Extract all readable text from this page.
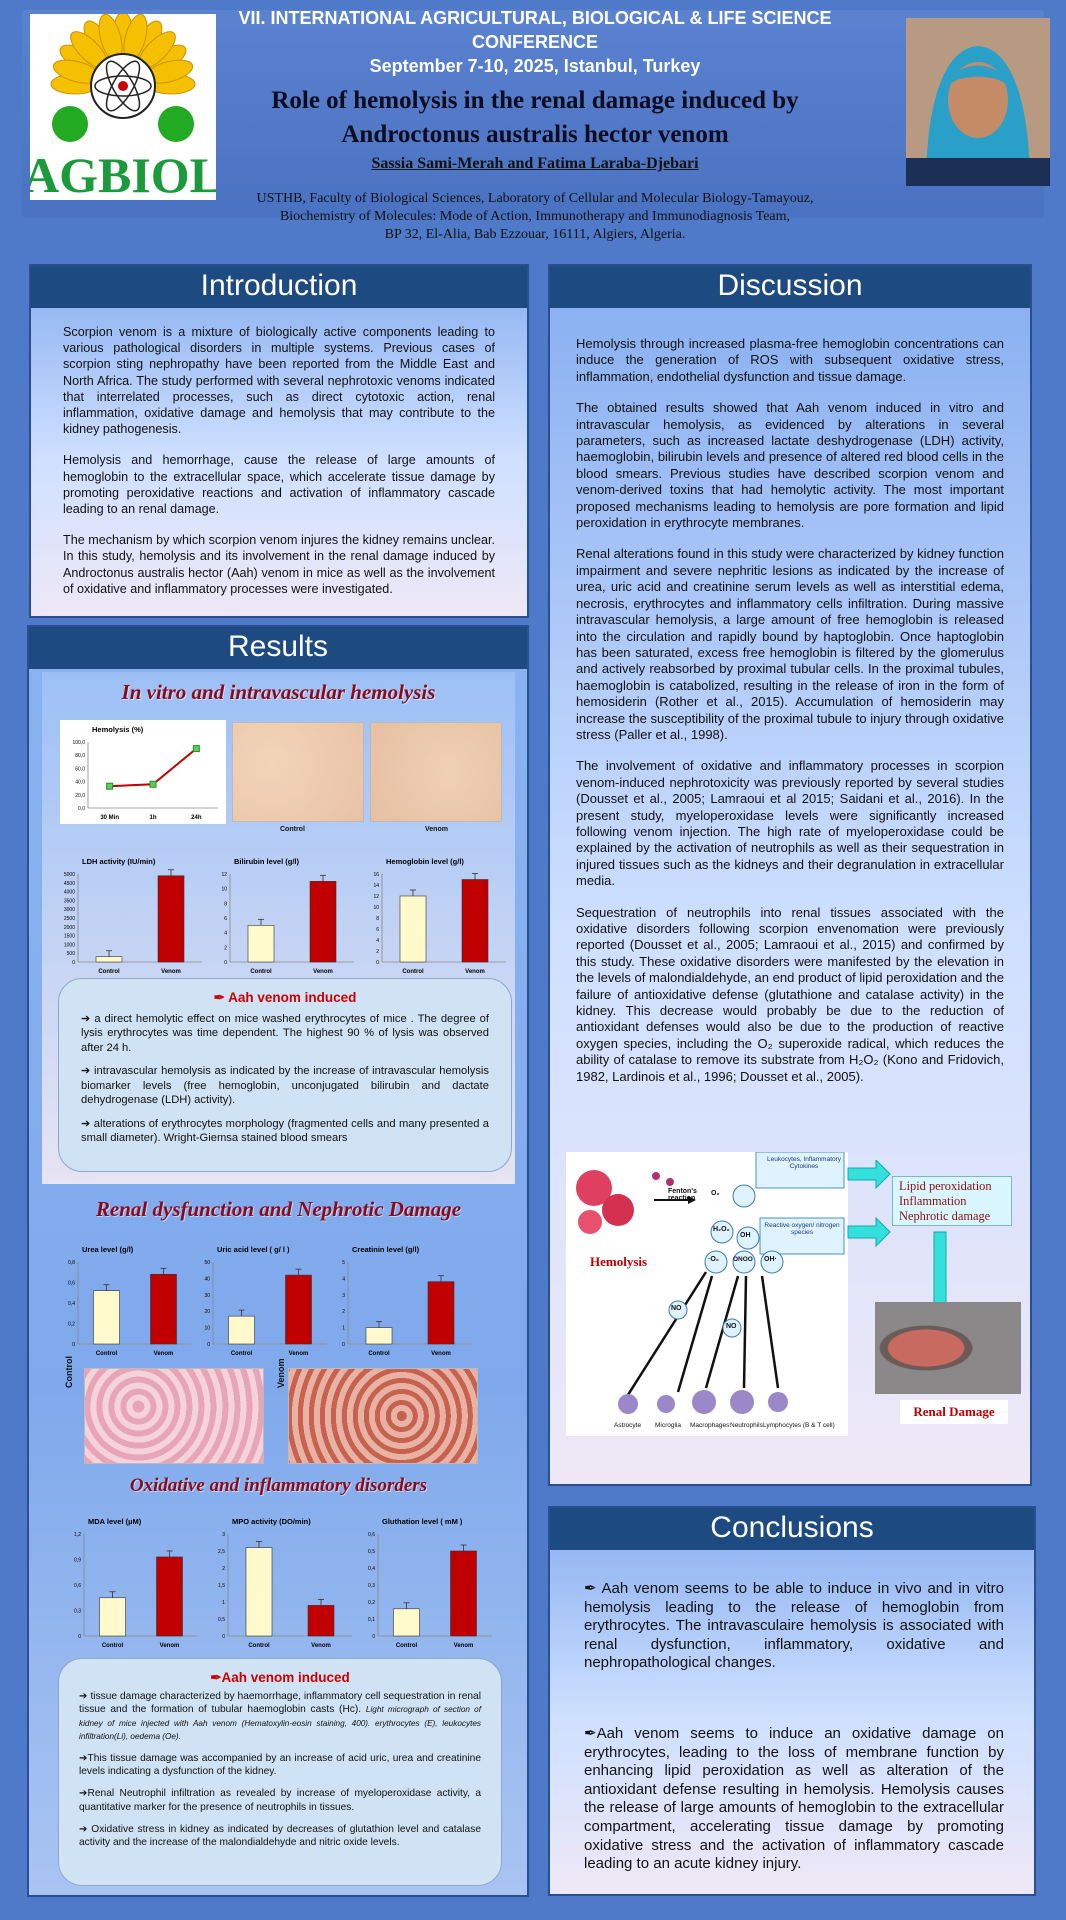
AGBIOL
VII. INTERNATIONAL AGRICULTURAL, BIOLOGICAL & LIFE SCIENCE
CONFERENCE
September 7-10, 2025, Istanbul, Turkey
Role of hemolysis in the renal damage induced by
Androctonus australis hector venom
Sassia Sami-Merah and Fatima Laraba-Djebari
USTHB, Faculty of Biological Sciences, Laboratory of Cellular and Molecular Biology-Tamayouz,
Biochemistry of Molecules: Mode of Action, Immunotherapy and Immunodiagnosis Team,
BP 32, El-Alia, Bab Ezzouar, 16111, Algiers, Algeria.
Introduction

Scorpion venom is a mixture of biologically active components leading to various pathological disorders in multiple systems. Previous cases of scorpion sting nephropathy have been reported from the Middle East and North Africa. The study performed with several nephrotoxic venoms indicated that interrelated processes, such as direct cytotoxic action, renal inflammation, oxidative damage and hemolysis that may contribute to the kidney pathogenesis.

Hemolysis and hemorrhage, cause the release of large amounts of hemoglobin to the extracellular space, which accelerate tissue damage by promoting peroxidative reactions and activation of inflammatory cascade leading to an renal damage.

The mechanism by which scorpion venom injures the kidney remains unclear. In this study, hemolysis and its involvement in the renal damage induced by Androctonus australis hector (Aah) venom in mice as well as the involvement of oxidative and inflammatory processes were investigated.

Results
In vitro and intravascular hemolysis
Hemolysis (%)
0,0
20,0
40,0
60,0
80,0
100,0
30 Min	1h	24h
Control	Venom
LDH activity (IU/min)
0
500
1000
1500
2000
2500
3000
3500
4000
4500
5000
Control	Venom
Bilirubin level (g/l)
0
2
4
6
8
10
12
Control	Venom
Hemoglobin level (g/l)
0
2
4
6
8
10
12
14
16
Control	Venom
✒ Aah venom induced

➔ a direct hemolytic effect on mice washed erythrocytes of mice . The degree of lysis erythrocytes was time dependent. The highest 90 % of lysis was observed after 24 h.

➔ intravascular hemolysis as indicated by the increase of intravascular hemolysis biomarker levels (free hemoglobin, unconjugated bilirubin and dactate dehydrogenase (LDH) activity).

➔ alterations of erythrocytes morphology (fragmented cells and many presented a small diameter). Wright-Giemsa stained blood smears

Renal dysfunction and Nephrotic Damage
Urea level (g/l)
0
0,2
0,4
0,6
0,8
Control	Venom
Uric acid level ( g/ l )
0
10
20
30
40
50
Control	Venom
Creatinin level (g/l)
0
1
2
3
4
5
Control	Venom
Control	Venom
Oxidative and inflammatory disorders
MDA level (µM)
0
0,3
0,6
0,9
1,2
Control	Venom
MPO activity (DO/min)
0
0,5
1
1,5
2
2,5
3
Control	Venom
Gluthation level ( mM )
0
0,1
0,2
0,3
0,4
0,5
0,6
Control	Venom
✒Aah venom induced

➔ tissue damage characterized by haemorrhage, inflammatory cell sequestration in renal tissue and the formation of tubular haemoglobin casts (Hc). Light micrograph of section of kidney of mice injected with Aah venom (Hematoxylin-eosin staining, 400). erythrocytes (E), leukocytes infiltration(Li), oedema (Oe).

➔This tissue damage was accompanied by an increase of acid uric, urea and creatinine levels indicating a dysfunction of the kidney.

➔Renal Neutrophil infiltration as revealed by increase of myeloperoxidase activity, a quantitative marker for the presence of neutrophils in tissues.

➔ Oxidative stress in kidney as indicated by decreases of glutathion level and catalase activity and the increase of the malondialdehyde and nitric oxide levels.

Discussion

Hemolysis through increased plasma-free hemoglobin concentrations can induce the generation of ROS with subsequent oxidative stress, inflammation, endothelial dysfunction and tissue damage.

The obtained results showed that Aah venom induced in vitro and intravascular hemolysis, as evidenced by alterations in several parameters, such as increased lactate deshydrogenase (LDH) activity, haemoglobin, bilirubin levels and presence of altered red blood cells in the blood smears. Previous studies have described scorpion venom and venom-derived toxins that had hemolytic activity. The most important proposed mechanisms leading to hemolysis are pore formation and lipid peroxidation in erythrocyte membranes.

Renal alterations found in this study were characterized by kidney function impairment and severe nephritic lesions as indicated by the increase of urea, uric acid and creatinine serum levels as well as interstitial edema, necrosis, erythrocytes and inflammatory cells infiltration. During massive intravascular hemolysis, a large amount of free hemoglobin is released into the circulation and rapidly bound by haptoglobin. Once haptoglobin has been saturated, excess free hemoglobin is filtered by the glomerulus and actively reabsorbed by proximal tubular cells. In the proximal tubules, haemoglobin is catabolized, resulting in the release of iron in the form of hemosiderin (Rother et al., 2015). Accumulation of hemosiderin may increase the susceptibility of the proximal tubule to injury through oxidative stress (Paller et al., 1998).

The involvement of oxidative and inflammatory processes in scorpion venom-induced nephrotoxicity was previously reported by several studies (Dousset et al., 2005; Lamraoui et al 2015; Saidani et al., 2016). In the present study, myeloperoxidase levels were significantly increased following venom injection. The high rate of myeloperoxidase could be explained by the activation of neutrophils as well as their sequestration in injured tissues such as the kidneys and their degranulation in extracellular media.

Sequestration of neutrophils into renal tissues associated with the oxidative disorders following scorpion envenomation were previously reported (Dousset et al., 2005; Lamraoui et al., 2015) and confirmed by this study. These oxidative disorders were manifested by the elevation in the levels of malondialdehyde, an end product of lipid peroxidation and the failure of antioxidative defense (glutathione and catalase activity) in the kidney. This decrease would probably be due to the reduction of antioxidant defenses would also be due to the production of reactive oxygen species, including the O₂ superoxide radical, which reduces the ability of catalase to remove its substrate from H₂O₂ (Kono and Fridovich, 1982, Lardinois et al., 1996; Dousset et al., 2005).

Leukocytes, Inflammatory Cytokines
Fenton's reaction
Hemolysis
Reactive oxygen/ nitrogen species
O₂
H₂O₂
OH
·O₂ ONOO OH·
NO
NO
Astrocyte Microglia Macrophages Neutrophils Lymphocytes (B & T cell)
Lipid peroxidation
Inflammation
Nephrotic damage
Renal Damage
Conclusions

✒ Aah venom seems to be able to induce in vivo and in vitro hemolysis leading to the release of hemoglobin from erythrocytes. The intravasculaire hemolysis is associated with renal dysfunction, inflammatory, oxidative and nephropathological changes.

✒Aah venom seems to induce an oxidative damage on erythrocytes, leading to the loss of membrane function by enhancing lipid peroxidation as well as alteration of the antioxidant defense resulting in hemolysis. Hemolysis causes the release of large amounts of hemoglobin to the extracellular compartment, accelerating tissue damage by promoting oxidative stress and the activation of inflammatory cascade leading to an acute kidney injury.
